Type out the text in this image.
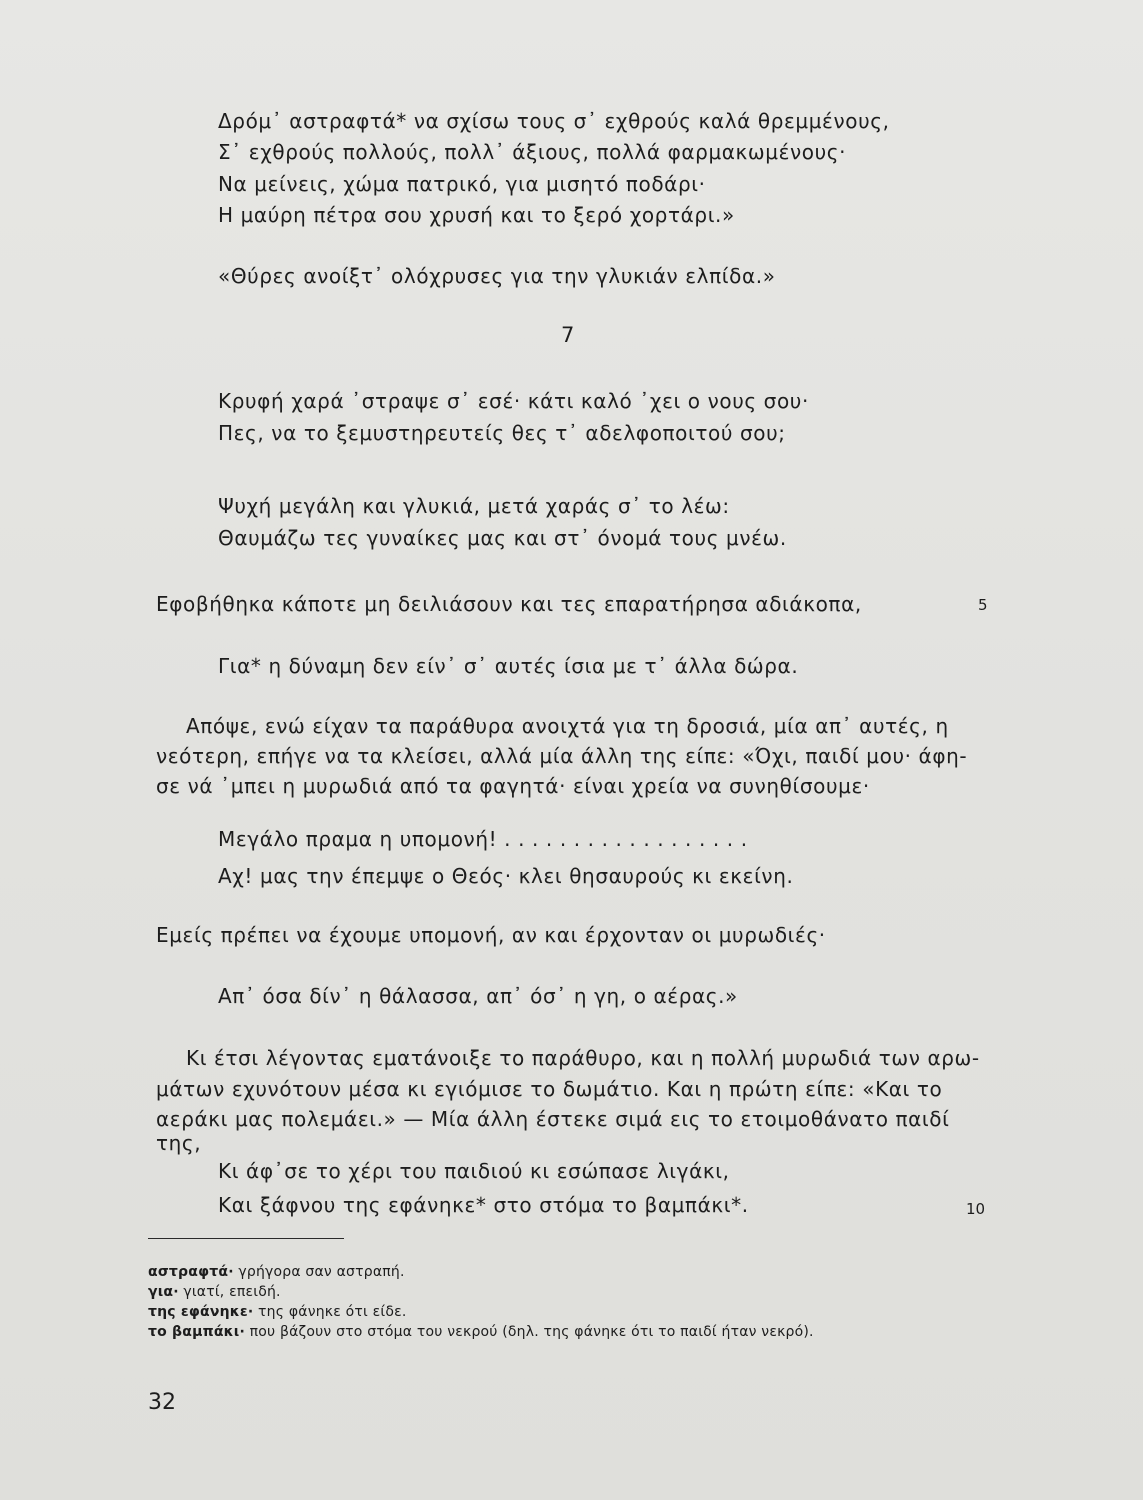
Δρόμ᾽ αστραφτά* να σχίσω τους σ᾽ εχθρούς καλά θρεμμένους,
Σ᾽ εχθρούς πολλούς, πολλ᾽ άξιους, πολλά φαρμακωμένους·
Να μείνεις, χώμα πατρικό, για μισητό ποδάρι·
Η μαύρη πέτρα σου χρυσή και το ξερό χορτάρι.»
«Θύρες ανοίξτ᾽ ολόχρυσες για την γλυκιάν ελπίδα.»
7
Κρυφή χαρά ᾽στραψε σ᾽ εσέ· κάτι καλό ᾽χει ο νους σου·
Πες, να το ξεμυστηρευτείς θες τ᾽ αδελφοποιτού σου;
Ψυχή μεγάλη και γλυκιά, μετά χαράς σ᾽ το λέω:
Θαυμάζω τες γυναίκες μας και στ᾽ όνομά τους μνέω.
Εφοβήθηκα κάποτε μη δειλιάσουν και τες επαρατήρησα αδιάκοπα,	5
Για* η δύναμη δεν είν᾽ σ᾽ αυτές ίσια με τ᾽ άλλα δώρα.
Απόψε, ενώ είχαν τα παράθυρα ανοιχτά για τη δροσιά, μία απ᾽ αυτές, η
νεότερη, επήγε να τα κλείσει, αλλά μία άλλη της είπε: «Όχι, παιδί μου· άφη-
σε νά ᾽μπει η μυρωδιά από τα φαγητά· είναι χρεία να συνηθίσουμε·
Μεγάλο πραμα η υπομονή! . . . . . . . . . . . . . . . . . .
Αχ! μας την έπεμψε ο Θεός· κλει θησαυρούς κι εκείνη.
Εμείς πρέπει να έχουμε υπομονή, αν και έρχονταν οι μυρωδιές·
Απ᾽ όσα δίν᾽ η θάλασσα, απ᾽ όσ᾽ η γη, ο αέρας.»
Κι έτσι λέγοντας εματάνοιξε το παράθυρο, και η πολλή μυρωδιά των αρω-
μάτων εχυνότουν μέσα κι εγιόμισε το δωμάτιο. Και η πρώτη είπε: «Και το
αεράκι μας πολεμάει.» — Μία άλλη έστεκε σιμά εις το ετοιμοθάνατο παιδί
της,
Κι άφ᾽σε το χέρι του παιδιού κι εσώπασε λιγάκι,
Και ξάφνου της εφάνηκε* στο στόμα το βαμπάκι*.	10
αστραφτά· γρήγορα σαν αστραπή.
για· γιατί, επειδή.
της εφάνηκε· της φάνηκε ότι είδε.
το βαμπάκι· που βάζουν στο στόμα του νεκρού (δηλ. της φάνηκε ότι το παιδί ήταν νεκρό).
32
